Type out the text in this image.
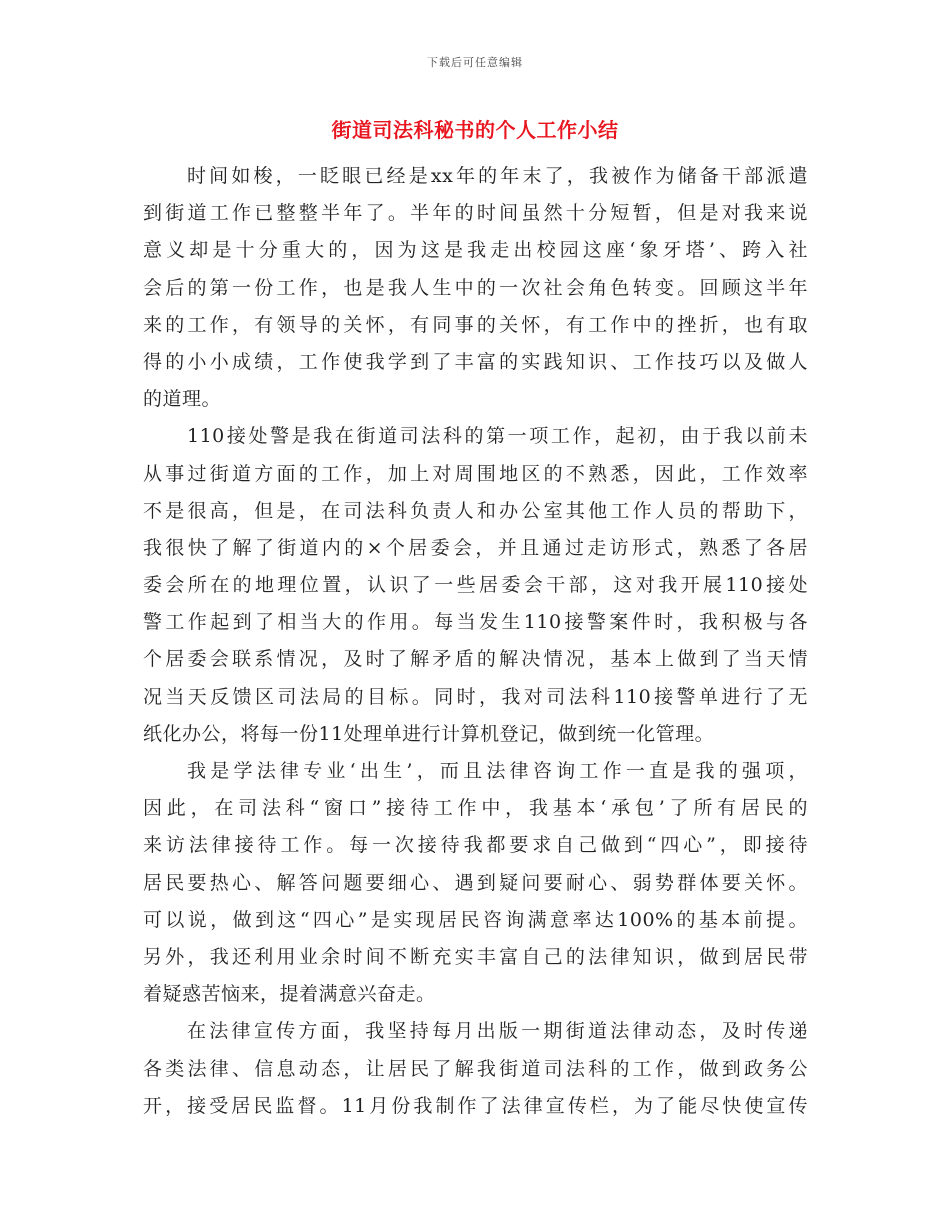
下载后可任意编辑
街道司法科秘书的个人工作小结
时间如梭，一眨眼已经是xx年的年末了，我被作为储备干部派遣
到街道工作已整整半年了。半年的时间虽然十分短暂，但是对我来说
意义却是十分重大的，因为这是我走出校园这座‘象牙塔’、跨入社
会后的第一份工作，也是我人生中的一次社会角色转变。回顾这半年
来的工作，有领导的关怀，有同事的关怀，有工作中的挫折，也有取
得的小小成绩，工作使我学到了丰富的实践知识、工作技巧以及做人
的道理。
110接处警是我在街道司法科的第一项工作，起初，由于我以前未
从事过街道方面的工作，加上对周围地区的不熟悉，因此，工作效率
不是很高，但是，在司法科负责人和办公室其他工作人员的帮助下，
我很快了解了街道内的×个居委会，并且通过走访形式，熟悉了各居
委会所在的地理位置，认识了一些居委会干部，这对我开展110接处
警工作起到了相当大的作用。每当发生110接警案件时，我积极与各
个居委会联系情况，及时了解矛盾的解决情况，基本上做到了当天情
况当天反馈区司法局的目标。同时，我对司法科110接警单进行了无
纸化办公，将每一份11处理单进行计算机登记，做到统一化管理。
我是学法律专业‘出生’，而且法律咨询工作一直是我的强项，
因此，在司法科“窗口”接待工作中，我基本‘承包’了所有居民的
来访法律接待工作。每一次接待我都要求自己做到“四心”，即接待
居民要热心、解答问题要细心、遇到疑问要耐心、弱势群体要关怀。
可以说，做到这“四心”是实现居民咨询满意率达100%的基本前提。
另外，我还利用业余时间不断充实丰富自己的法律知识，做到居民带
着疑惑苦恼来，提着满意兴奋走。
在法律宣传方面，我坚持每月出版一期街道法律动态，及时传递
各类法律、信息动态，让居民了解我街道司法科的工作，做到政务公
开，接受居民监督。11月份我制作了法律宣传栏，为了能尽快使宣传
